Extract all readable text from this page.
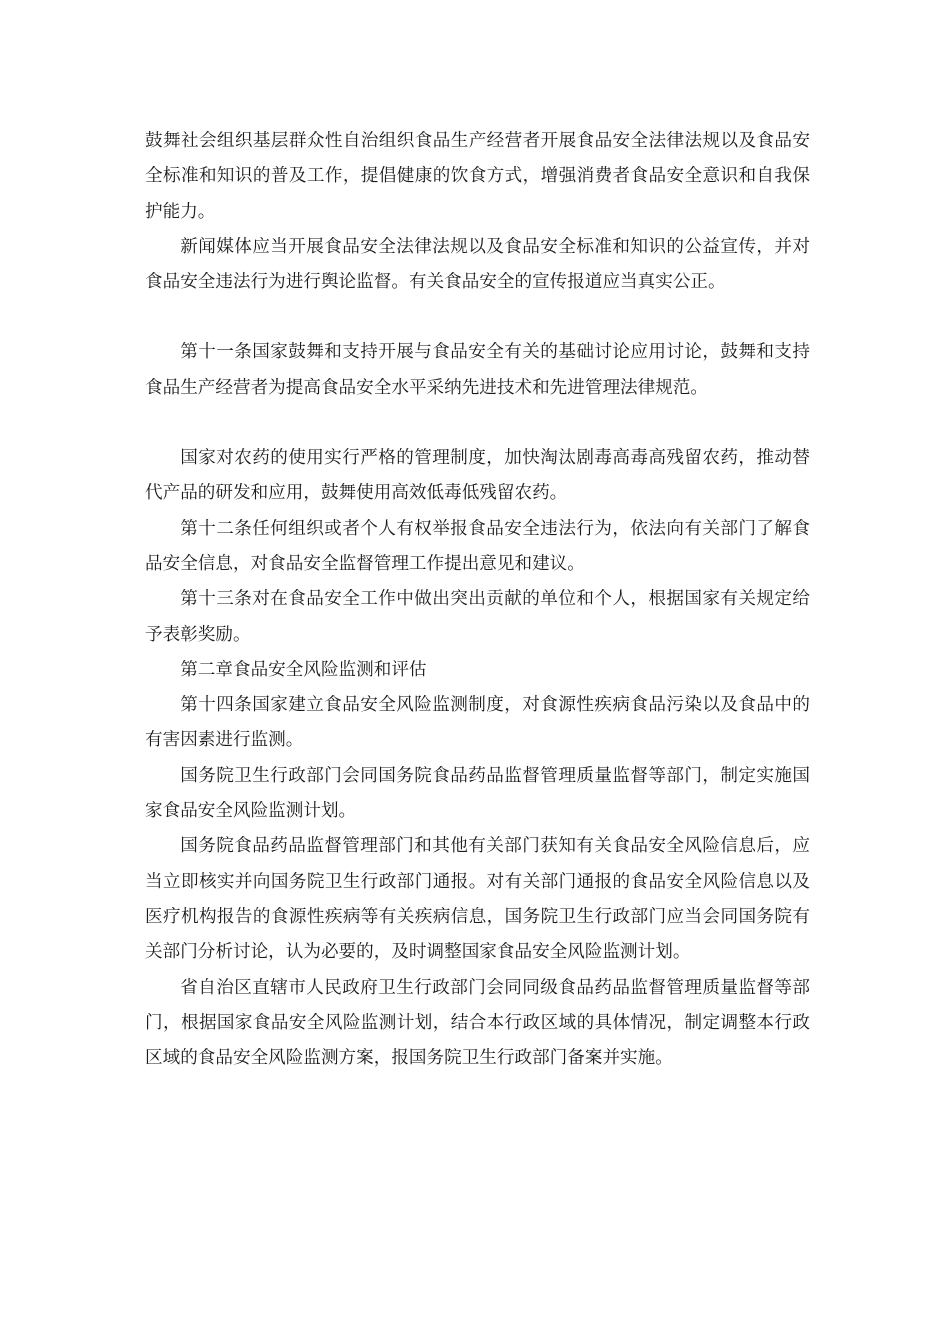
鼓舞社会组织基层群众性自治组织食品生产经营者开展食品安全法律法规以及食品安全标准和知识的普及工作，提倡健康的饮食方式，增强消费者食品安全意识和自我保护能力。

新闻媒体应当开展食品安全法律法规以及食品安全标准和知识的公益宣传，并对食品安全违法行为进行舆论监督。有关食品安全的宣传报道应当真实公正。

第十一条国家鼓舞和支持开展与食品安全有关的基础讨论应用讨论，鼓舞和支持食品生产经营者为提高食品安全水平采纳先进技术和先进管理法律规范。

国家对农药的使用实行严格的管理制度，加快淘汰剧毒高毒高残留农药，推动替代产品的研发和应用，鼓舞使用高效低毒低残留农药。

第十二条任何组织或者个人有权举报食品安全违法行为，依法向有关部门了解食品安全信息，对食品安全监督管理工作提出意见和建议。

第十三条对在食品安全工作中做出突出贡献的单位和个人，根据国家有关规定给予表彰奖励。

第二章食品安全风险监测和评估

第十四条国家建立食品安全风险监测制度，对食源性疾病食品污染以及食品中的有害因素进行监测。

国务院卫生行政部门会同国务院食品药品监督管理质量监督等部门，制定实施国家食品安全风险监测计划。

国务院食品药品监督管理部门和其他有关部门获知有关食品安全风险信息后，应当立即核实并向国务院卫生行政部门通报。对有关部门通报的食品安全风险信息以及医疗机构报告的食源性疾病等有关疾病信息，国务院卫生行政部门应当会同国务院有关部门分析讨论，认为必要的，及时调整国家食品安全风险监测计划。

省自治区直辖市人民政府卫生行政部门会同同级食品药品监督管理质量监督等部门，根据国家食品安全风险监测计划，结合本行政区域的具体情况，制定调整本行政区域的食品安全风险监测方案，报国务院卫生行政部门备案并实施。
